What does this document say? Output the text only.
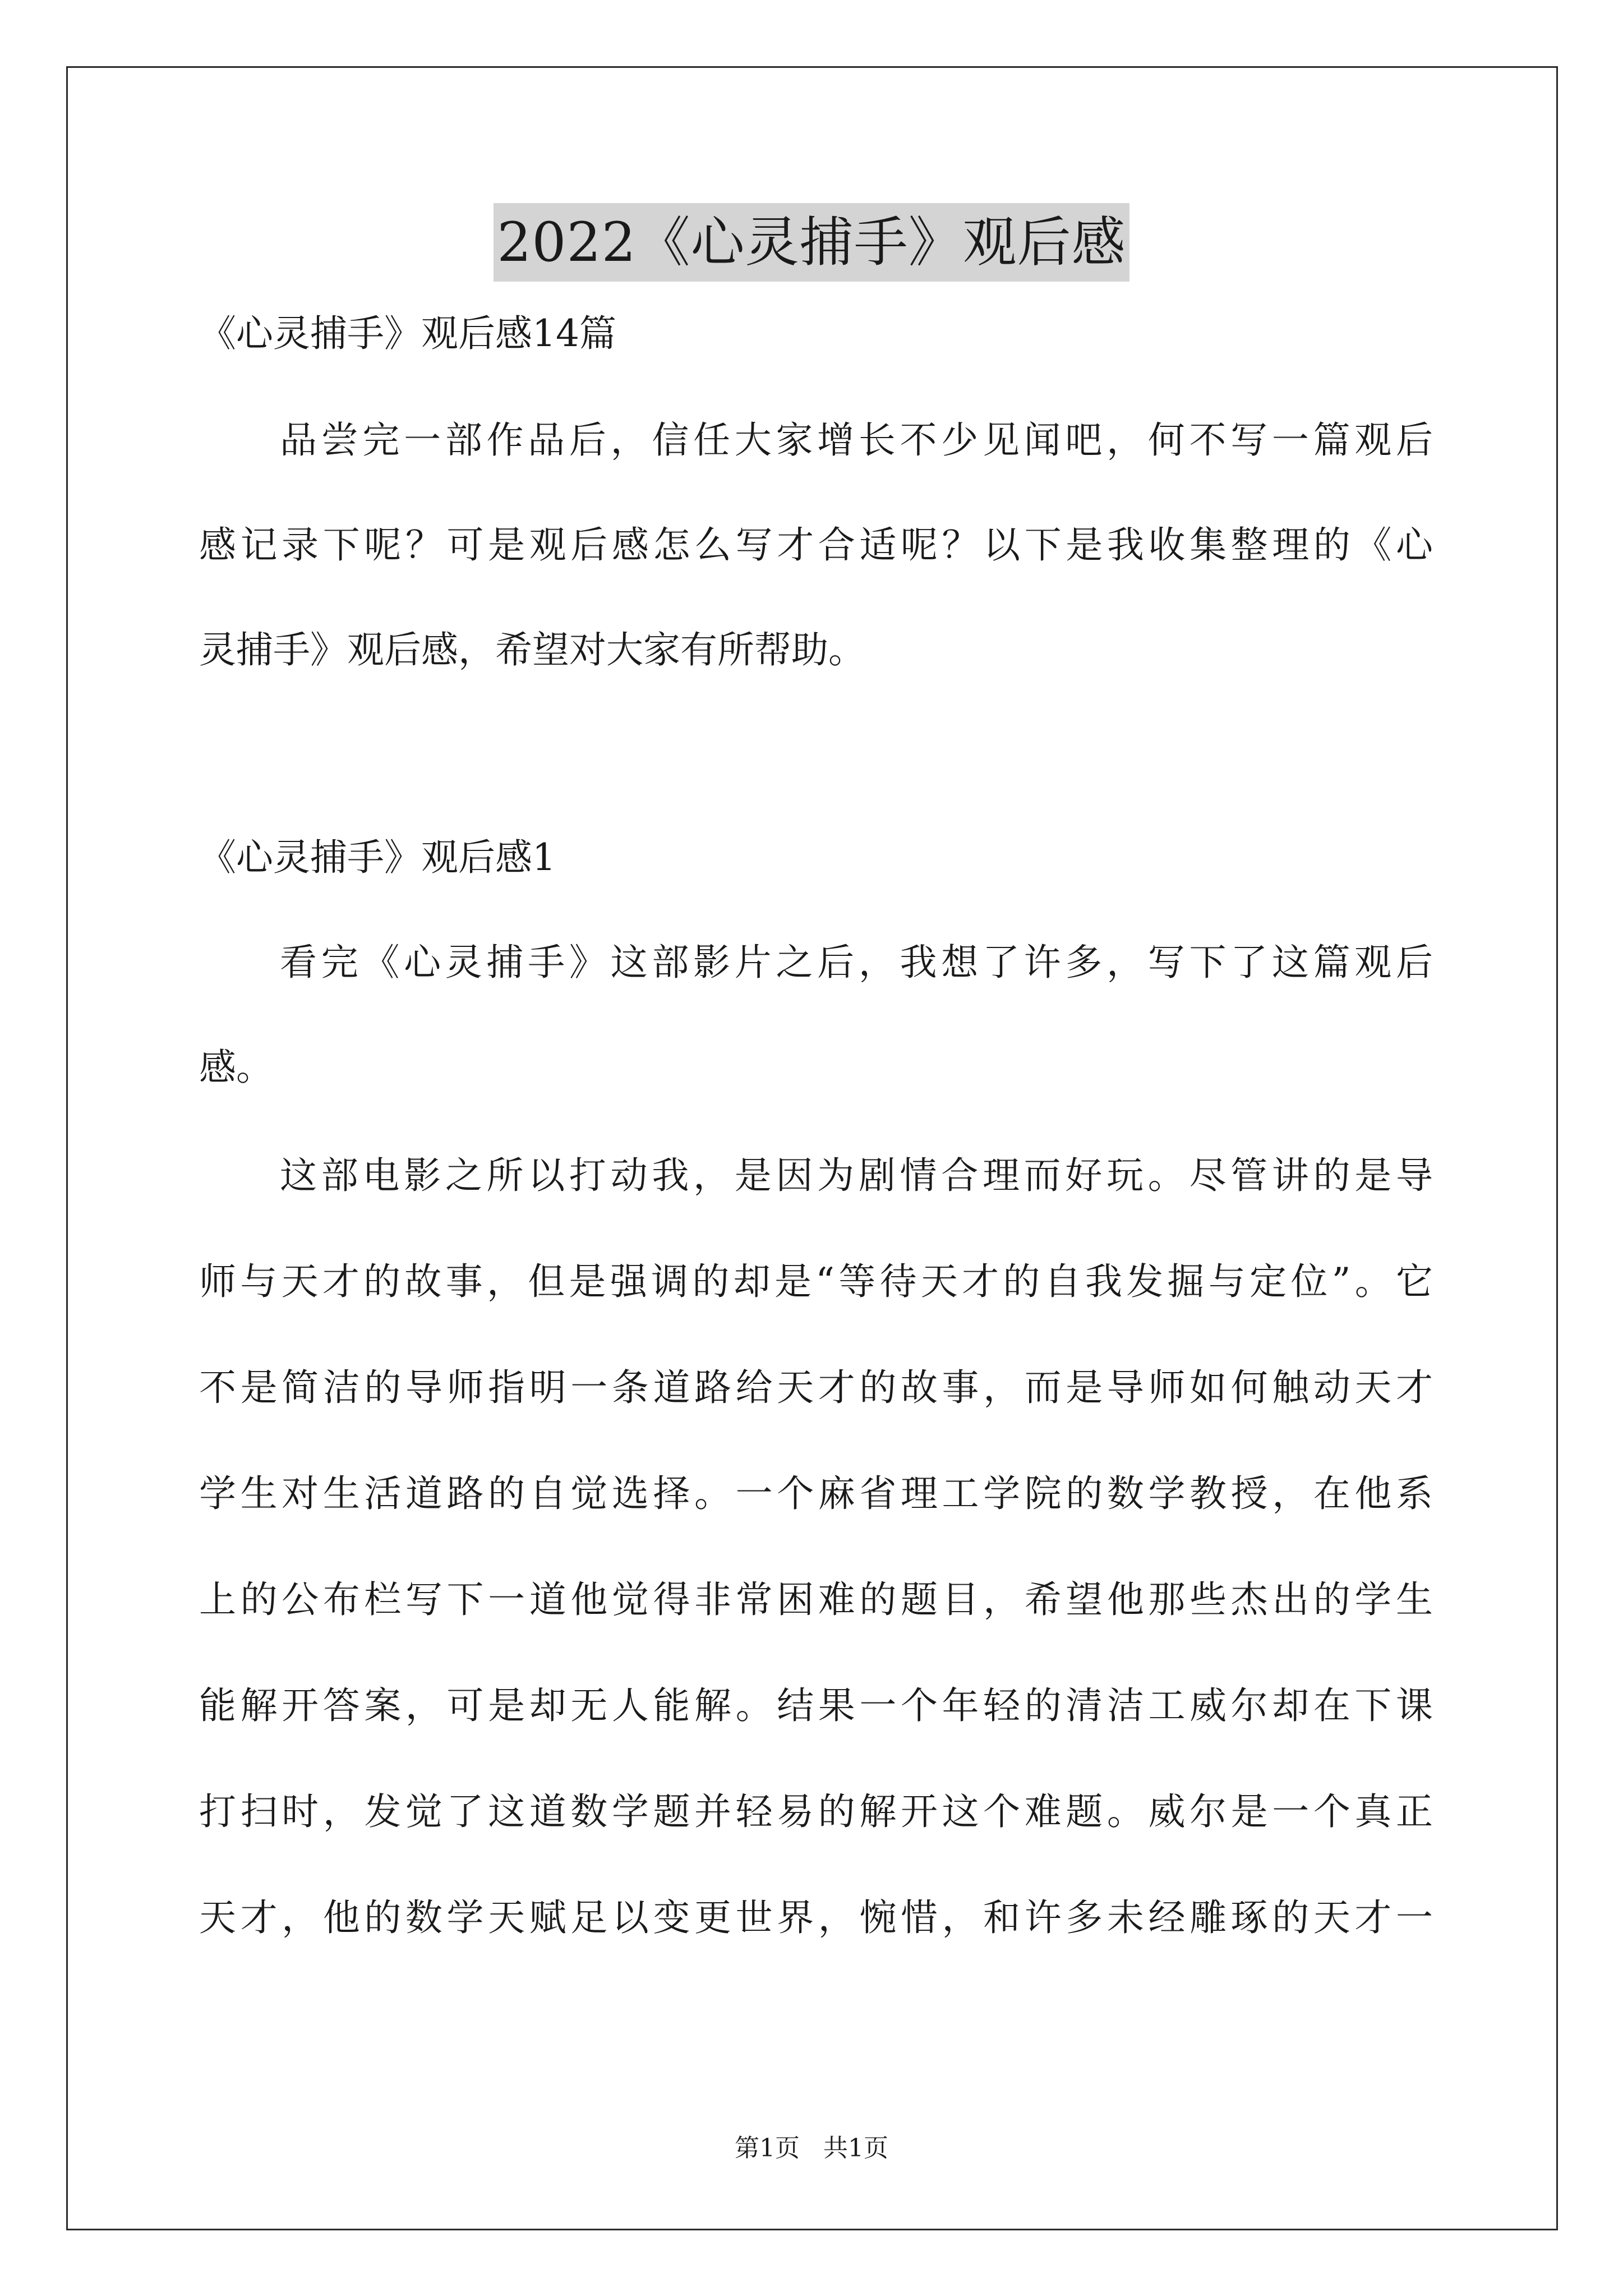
2022《心灵捕手》观后感

《心灵捕手》观后感14篇

品尝完一部作品后，信任大家增长不少见闻吧，何不写一篇观后

感记录下呢？可是观后感怎么写才合适呢？以下是我收集整理的《心

灵捕手》观后感，希望对大家有所帮助。

《心灵捕手》观后感1

看完《心灵捕手》这部影片之后，我想了许多，写下了这篇观后

感。

这部电影之所以打动我，是因为剧情合理而好玩。尽管讲的是导

师与天才的故事，但是强调的却是“等待天才的自我发掘与定位”。它

不是简洁的导师指明一条道路给天才的故事，而是导师如何触动天才

学生对生活道路的自觉选择。一个麻省理工学院的数学教授，在他系

上的公布栏写下一道他觉得非常困难的题目，希望他那些杰出的学生

能解开答案，可是却无人能解。结果一个年轻的清洁工威尔却在下课

打扫时，发觉了这道数学题并轻易的解开这个难题。威尔是一个真正

天才，他的数学天赋足以变更世界，惋惜，和许多未经雕琢的天才一

第1页   共1页
